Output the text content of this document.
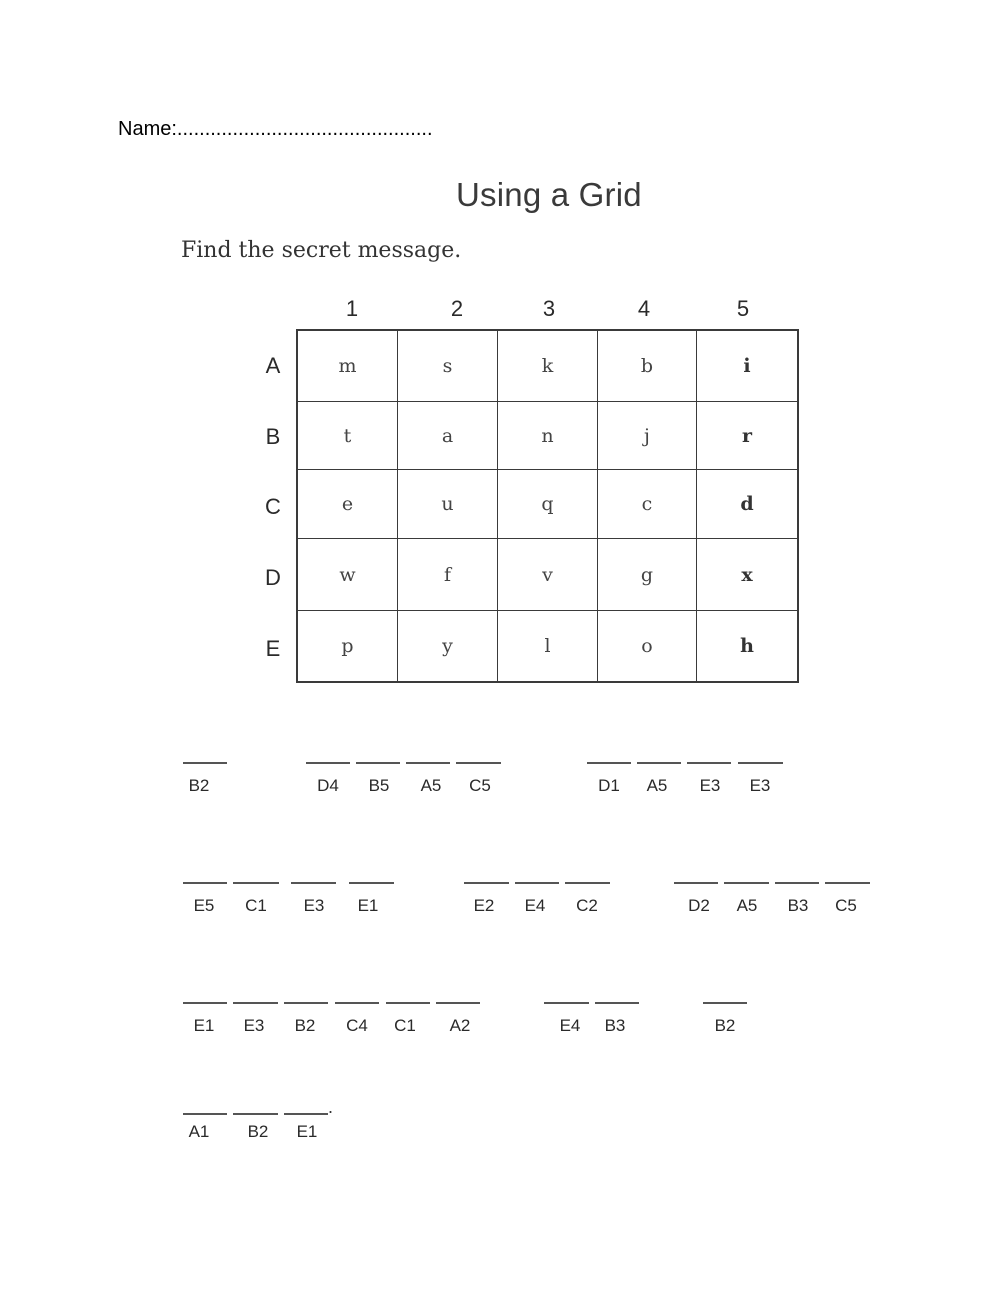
Name:..............................................
Using a Grid
Find the secret message.
1	2	3	4	5
A
B
C
D
E
m	s	k	b	i
t	a	n	j	r
e	u	q	c	d
w	f	v	g	x
p	y	l	o	h
B2	D4	B5	A5	C5	D1	A5	E3	E3
E5	C1	E3	E1	E2	E4	C2	D2	A5	B3	C5
E1	E3	B2	C4	C1	A2	E4	B3	B2
.
A1	B2	E1
